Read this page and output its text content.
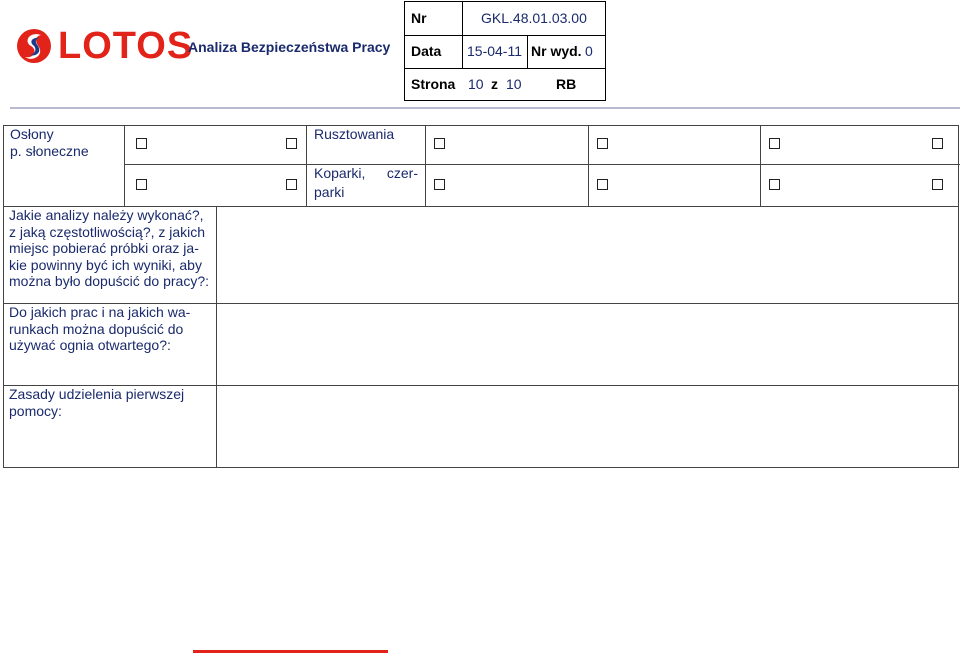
LOTOS
Analiza Bezpieczeństwa Pracy
Nr	GKL.48.01.03.00
Data 15-04-11 Nr wyd. 0
Strona 10 z 10 RB
Osłony
p. słoneczne
Rusztowania
Koparki, czer-
parki
Jakie analizy należy wykonać?,
z jaką częstotliwością?, z jakich
miejsc pobierać próbki oraz ja-
kie powinny być ich wyniki, aby
można było dopuścić do pracy?:
Do jakich prac i na jakich wa-
runkach można dopuścić do
używać ognia otwartego?:
Zasady udzielenia pierwszej
pomocy:
